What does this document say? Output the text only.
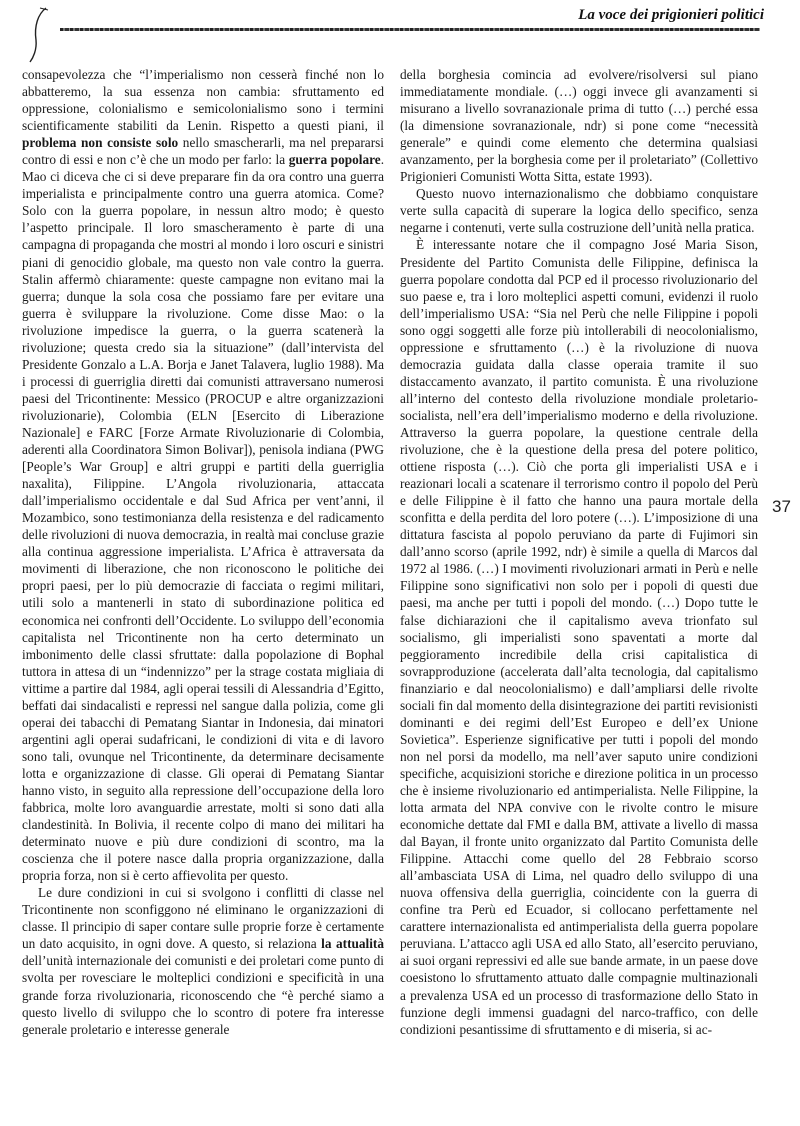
La voce dei prigionieri politici

consapevolezza che “l’imperialismo non cesserà finché non lo abbatteremo, la sua essenza non cambia: sfruttamento ed oppressione, colonialismo e semicolonialismo sono i termini scientificamente stabiliti da Lenin. Rispetto a questi piani, il problema non consiste solo nello smascherarli, ma nel prepararsi contro di essi e non c’è che un modo per farlo: la guerra popolare. Mao ci diceva che ci si deve preparare fin da ora contro una guerra imperialista e principalmente contro una guerra atomica. Come? Solo con la guerra popolare, in nessun altro modo; è questo l’aspetto principale. Il loro smascheramento è parte di una campagna di propaganda che mostri al mondo i loro oscuri e sinistri piani di genocidio globale, ma questo non vale contro la guerra. Stalin affermò chiaramente: queste campagne non evitano mai la guerra; dunque la sola cosa che possiamo fare per evitare una guerra è sviluppare la rivoluzione. Come disse Mao: o la rivoluzione impedisce la guerra, o la guerra scatenerà la rivoluzione; questa credo sia la situazione” (dall’intervista del Presidente Gonzalo a L.A. Borja e Janet Talavera, luglio 1988). Ma i processi di guerriglia diretti dai comunisti attraversano numerosi paesi del Tricontinente: Messico (PROCUP e altre organizzazioni rivoluzionarie), Colombia (ELN [Esercito di Liberazione Nazionale] e FARC [Forze Armate Rivoluzionarie di Colombia, aderenti alla Coordinatora Simon Bolivar]), penisola indiana (PWG [People’s War Group] e altri gruppi e partiti della guerriglia naxalita), Filippine. L’Angola rivoluzionaria, attaccata dall’imperialismo occidentale e dal Sud Africa per vent’anni, il Mozambico, sono testimonianza della resistenza e del radicamento delle rivoluzioni di nuova democrazia, in realtà mai concluse grazie alla continua aggressione imperialista. L’Africa è attraversata da movimenti di liberazione, che non riconoscono le politiche dei propri paesi, per lo più democrazie di facciata o regimi militari, utili solo a mantenerli in stato di subordinazione politica ed economica nei confronti dell’Occidente. Lo sviluppo dell’economia capitalista nel Tricontinente non ha certo determinato un imbonimento delle classi sfruttate: dalla popolazione di Bophal tuttora in attesa di un “indennizzo” per la strage costata migliaia di vittime a partire dal 1984, agli operai tessili di Alessandria d’Egitto, beffati dai sindacalisti e repressi nel sangue dalla polizia, come gli operai dei tabacchi di Pematang Siantar in Indonesia, dai minatori argentini agli operai sudafricani, le condizioni di vita e di lavoro sono tali, ovunque nel Tricontinente, da determinare decisamente lotta e organizzazione di classe. Gli operai di Pematang Siantar hanno visto, in seguito alla repressione dell’occupazione della loro fabbrica, molte loro avanguardie arrestate, molti si sono dati alla clandestinità. In Bolivia, il recente colpo di mano dei militari ha determinato nuove e più dure condizioni di scontro, ma la coscienza che il potere nasce dalla propria organizzazione, dalla propria forza, non si è certo affievolita per questo.

Le dure condizioni in cui si svolgono i conflitti di classe nel Tricontinente non sconfiggono né eliminano le organizzazioni di classe. Il principio di saper contare sulle proprie forze è certamente un dato acquisito, in ogni dove. A questo, si relaziona la attualità dell’unità internazionale dei comunisti e dei proletari come punto di svolta per rovesciare le molteplici condizioni e specificità in una grande forza rivoluzionaria, riconoscendo che “è perché siamo a questo livello di sviluppo che lo scontro di potere fra interesse generale proletario e interesse generale

della borghesia comincia ad evolvere/risolversi sul piano immediatamente mondiale. (…) oggi invece gli avanzamenti si misurano a livello sovranazionale prima di tutto (…) perché essa (la dimensione sovranazionale, ndr) si pone come “necessità generale” e quindi come elemento che determina qualsiasi avanzamento, per la borghesia come per il proletariato” (Collettivo Prigionieri Comunisti Wotta Sitta, estate 1993).

Questo nuovo internazionalismo che dobbiamo conquistare verte sulla capacità di superare la logica dello specifico, senza negarne i contenuti, verte sulla costruzione dell’unità nella pratica.

È interessante notare che il compagno José Maria Sison, Presidente del Partito Comunista delle Filippine, definisca la guerra popolare condotta dal PCP ed il processo rivoluzionario del suo paese e, tra i loro molteplici aspetti comuni, evidenzi il ruolo dell’imperialismo USA: “Sia nel Perù che nelle Filippine i popoli sono oggi soggetti alle forze più intollerabili di neocolonialismo, oppressione e sfruttamento (…) è la rivoluzione di nuova democrazia guidata dalla classe operaia tramite il suo distaccamento avanzato, il partito comunista. È una rivoluzione all’interno del contesto della rivoluzione mondiale proletario-socialista, nell’era dell’imperialismo moderno e della rivoluzione. Attraverso la guerra popolare, la questione centrale della rivoluzione, che è la questione della presa del potere politico, ottiene risposta (…). Ciò che porta gli imperialisti USA e i reazionari locali a scatenare il terrorismo contro il popolo del Perù e delle Filippine è il fatto che hanno una paura mortale della sconfitta e della perdita del loro potere (…). L’imposizione di una dittatura fascista al popolo peruviano da parte di Fujimori sin dall’anno scorso (aprile 1992, ndr) è simile a quella di Marcos dal 1972 al 1986. (…) I movimenti rivoluzionari armati in Perù e nelle Filippine sono significativi non solo per i popoli di questi due paesi, ma anche per tutti i popoli del mondo. (…) Dopo tutte le false dichiarazioni che il capitalismo aveva trionfato sul socialismo, gli imperialisti sono spaventati a morte dal peggioramento incredibile della crisi capitalistica di sovrapproduzione (accelerata dall’alta tecnologia, dal capitalismo finanziario e dal neocolonialismo) e dall’ampliarsi delle rivolte sociali fin dal momento della disintegrazione dei partiti revisionisti dominanti e dei regimi dell’Est Europeo e dell’ex Unione Sovietica”. Esperienze significative per tutti i popoli del mondo non nel porsi da modello, ma nell’aver saputo unire condizioni specifiche, acquisizioni storiche e direzione politica in un processo che è insieme rivoluzionario ed antimperialista. Nelle Filippine, la lotta armata del NPA convive con le rivolte contro le misure economiche dettate dal FMI e dalla BM, attivate a livello di massa dal Bayan, il fronte unito organizzato dal Partito Comunista delle Filippine. Attacchi come quello del 28 Febbraio scorso all’ambasciata USA di Lima, nel quadro dello sviluppo di una nuova offensiva della guerriglia, coincidente con la guerra di confine tra Perù ed Ecuador, si collocano perfettamente nel carattere internazionalista ed antimperialista della guerra popolare peruviana. L’attacco agli USA ed allo Stato, all’esercito peruviano, ai suoi organi repressivi ed alle sue bande armate, in un paese dove coesistono lo sfruttamento attuato dalle compagnie multinazionali a prevalenza USA ed un processo di trasformazione dello Stato in funzione degli immensi guadagni del narco-traffico, con delle condizioni pesantissime di sfruttamento e di miseria, si ac-

37
